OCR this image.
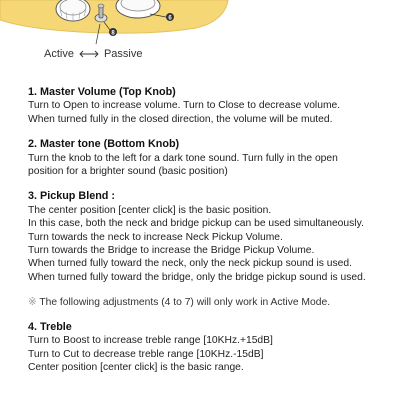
6
8
Active	Passive
1. Master Volume (Top Knob)

Turn to Open to increase volume. Turn to Close to decrease volume.

When turned fully in the closed direction, the volume will be muted.

2. Master tone (Bottom Knob)

Turn the knob to the left for a dark tone sound. Turn fully in the open

position for a brighter sound (basic position)

3. Pickup Blend :

The center position [center click] is the basic position.

In this case, both the neck and bridge pickup can be used simultaneously.

Turn towards the neck to increase Neck Pickup Volume.

Turn towards the Bridge to increase the Bridge Pickup Volume.

When turned fully toward the neck, only the neck pickup sound is used.

When turned fully toward the bridge, only the bridge pickup sound is used.

※ The following adjustments (4 to 7) will only work in Active Mode.

4. Treble

Turn to Boost to increase treble range [10KHz.+15dB]

Turn to Cut to decrease treble range [10KHz.-15dB]

Center position [center click] is the basic range.
